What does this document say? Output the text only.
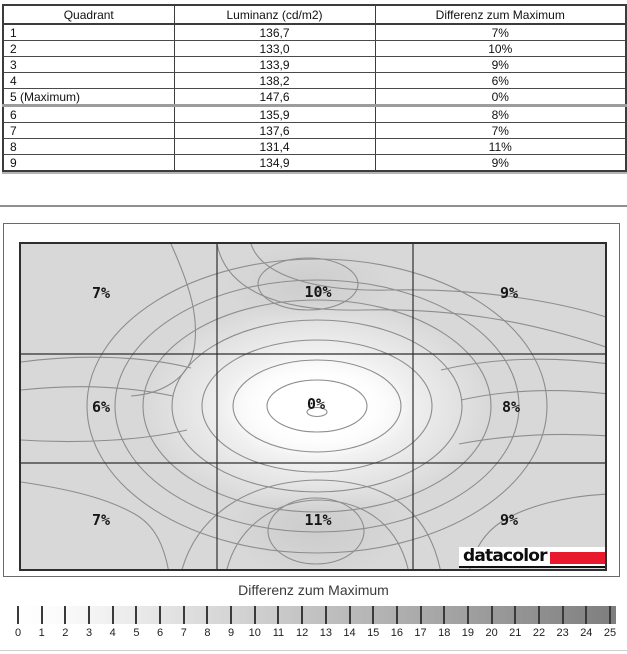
Quadrant	Luminanz (cd/m2)	Differenz zum Maximum
1	136,7	7%
2	133,0	10%
3	133,9	9%
4	138,2	6%
5 (Maximum)	147,6	0%
6	135,9	8%
7	137,6	7%
8	131,4	11%
9	134,9	9%
7%	10%	9%
6%	0%	8%
7%	11%	9%
datacolor
Differenz zum Maximum
0 1 2 3 4 5 6 7 8 9 10 11 12 13 14 15 16 17 18 19 20 21 22 23 24 25
